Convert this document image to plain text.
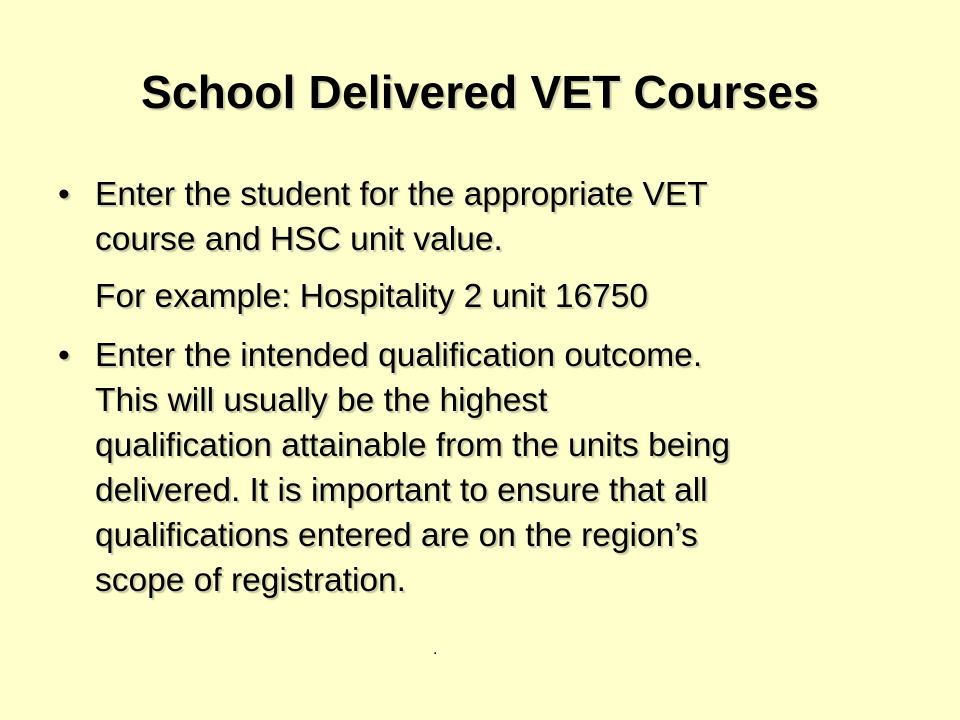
School Delivered VET Courses
• Enter the student for the appropriate VET
course and HSC unit value.
For example: Hospitality 2 unit 16750
• Enter the intended qualification outcome.
This will usually be the highest
qualification attainable from the units being
delivered. It is important to ensure that all
qualifications entered are on the region’s
scope of registration.
.
